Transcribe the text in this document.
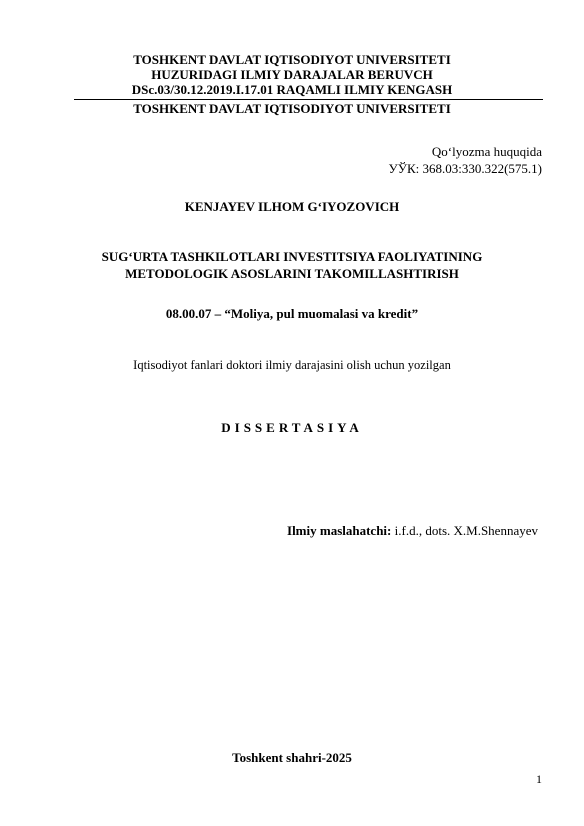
TOSHKENT DAVLAT IQTISODIYOT UNIVERSITETI
HUZURIDAGI ILMIY DARAJALAR BERUVCH
DSc.03/30.12.2019.I.17.01 RAQAMLI ILMIY KENGASH
TOSHKENT DAVLAT IQTISODIYOT UNIVERSITETI
Qo‘lyozma huquqida
УЎК: 368.03:330.322(575.1)
KENJAYEV ILHOM G‘IYOZOVICH
SUG‘URTA TASHKILOTLARI INVESTITSIYA FAOLIYATINING
METODOLOGIK ASOSLARINI TAKOMILLASHTIRISH
08.00.07 – “Moliya, pul muomalasi va kredit”
Iqtisodiyot fanlari doktori ilmiy darajasini olish uchun yozilgan
DISSERTASIYA
Ilmiy maslahatchi: i.f.d., dots. X.M.Shennayev
Toshkent shahri-2025
1
